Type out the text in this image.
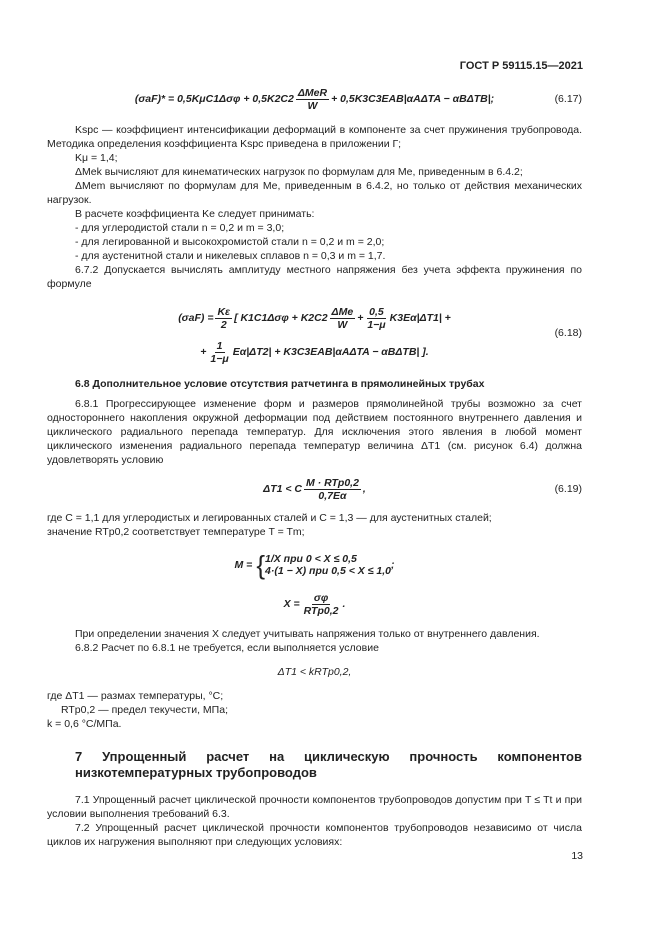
ГОСТ Р 59115.15—2021
$(\sigma aF)* = 0,5K\mu C1\Delta\sigma\varphi + 0,5K2C2 \frac{\text{ΔMeR}}{W} + 0,5K3C3EAB|\alpha A\Delta TA - \alpha B\Delta TB|$;	(6.17)

Kspc — коэффициент интенсификации деформаций в компоненте за счет пружинения трубопровода. Методика определения коэффициента Kspc приведена в приложении Г;

Kμ = 1,4;

ΔMek вычисляют для кинематических нагрузок по формулам для Me, приведенным в 6.4.2;

ΔMem вычисляют по формулам для Me, приведенным в 6.4.2, но только от действия механических нагрузок.

В расчете коэффициента Ke следует принимать:

- для углеродистой стали n = 0,2 и m = 3,0;

- для легированной и высокохромистой стали n = 0,2 и m = 2,0;

- для аустенитной стали и никелевых сплавов n = 0,3 и m = 1,7.

6.7.2 Допускается вычислять амплитуду местного напряжения без учета эффекта пружинения по формуле

$(\sigma aF) = \frac{K\varepsilon}{2}$ [ $K1C1\Delta\sigma\varphi + K2C2 \frac{\text{ΔMe}}{W} + \frac{0,5}{1-\mu} K3E\alpha|\Delta T1|$ +
+ $\frac{1}{1-\mu} E\alpha|\Delta T2| + K3C3EAB|\alpha A\Delta TA - \alpha B\Delta TB|$ ].
(6.18)

6.8 Дополнительное условие отсутствия ратчетинга в прямолинейных трубах

6.8.1 Прогрессирующее изменение форм и размеров прямолинейной трубы возможно за счет одностороннего накопления окружной деформации под действием постоянного внутреннего давления и циклического радиального перепада температур. Для исключения этого явления в любой момент циклического изменения радиального перепада температур величина ΔT1 (см. рисунок 6.4) должна удовлетворять условию

ΔT1 < C $\frac{\text{M · RTp0,2}}{0,7E\alpha}$ ,	(6.19)

где C = 1,1 для углеродистых и легированных сталей и C = 1,3 — для аустенитных сталей;

значение RTp0,2 соответствует температуре T = Tm;

M = { 1/X при 0 < X ≤ 0,5
4·(1 − X) при 0,5 < X ≤ 1,0 ;
$X = \frac{\sigma\varphi}{\text{RTp0,2}}$ .

При определении значения X следует учитывать напряжения только от внутреннего давления.

6.8.2 Расчет по 6.8.1 не требуется, если выполняется условие

ΔT1 < kRTp0,2,

где ΔT1 — размах температуры, °С;

RTp0,2 — предел текучести, МПа;

k = 0,6 °С/МПа.

7 Упрощенный расчет на циклическую прочность компонентов низкотемпературных трубопроводов

7.1 Упрощенный расчет циклической прочности компонентов трубопроводов допустим при T ≤ Tt и при условии выполнения требований 6.3.

7.2 Упрощенный расчет циклической прочности компонентов трубопроводов независимо от числа циклов их нагружения выполняют при следующих условиях:

13
